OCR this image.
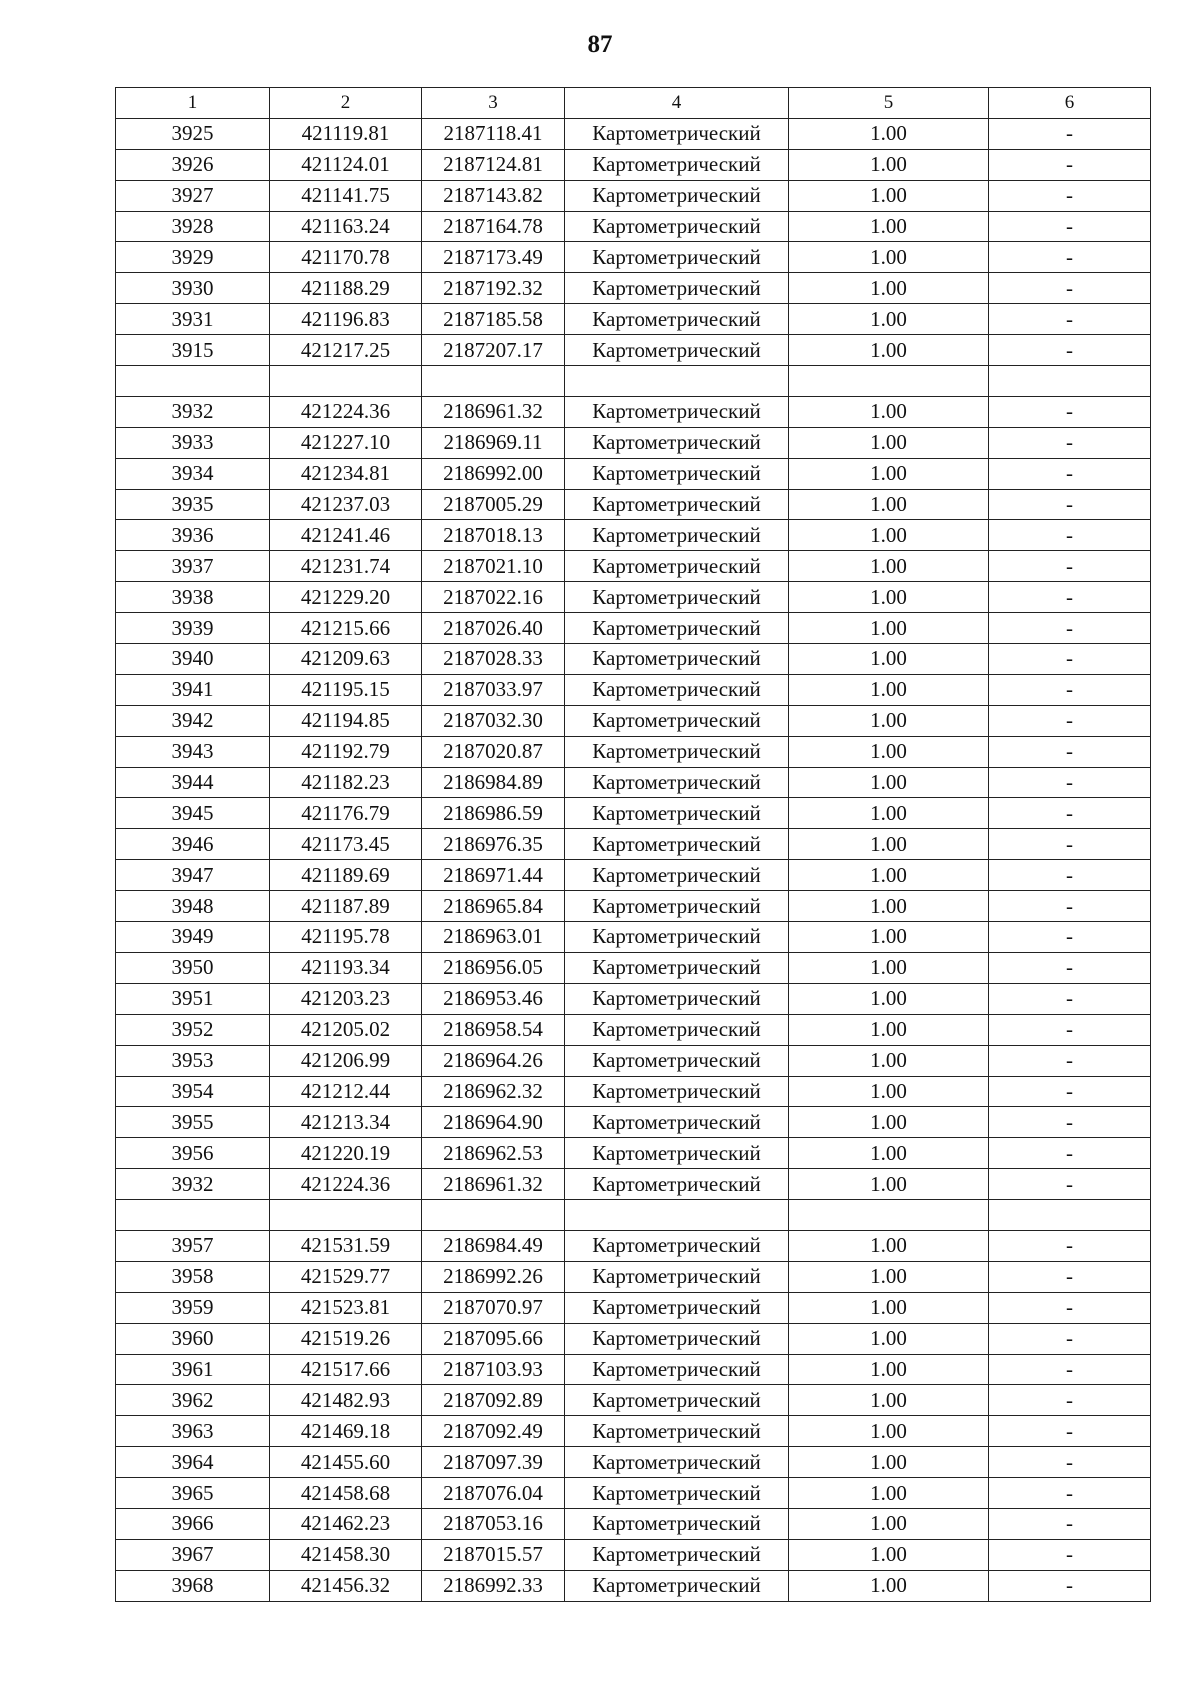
87
1	2	3	4	5	6
3925	421119.81	2187118.41	Картометрический	1.00	-
3926	421124.01	2187124.81	Картометрический	1.00	-
3927	421141.75	2187143.82	Картометрический	1.00	-
3928	421163.24	2187164.78	Картометрический	1.00	-
3929	421170.78	2187173.49	Картометрический	1.00	-
3930	421188.29	2187192.32	Картометрический	1.00	-
3931	421196.83	2187185.58	Картометрический	1.00	-
3915	421217.25	2187207.17	Картометрический	1.00	-

3932	421224.36	2186961.32	Картометрический	1.00	-
3933	421227.10	2186969.11	Картометрический	1.00	-
3934	421234.81	2186992.00	Картометрический	1.00	-
3935	421237.03	2187005.29	Картометрический	1.00	-
3936	421241.46	2187018.13	Картометрический	1.00	-
3937	421231.74	2187021.10	Картометрический	1.00	-
3938	421229.20	2187022.16	Картометрический	1.00	-
3939	421215.66	2187026.40	Картометрический	1.00	-
3940	421209.63	2187028.33	Картометрический	1.00	-
3941	421195.15	2187033.97	Картометрический	1.00	-
3942	421194.85	2187032.30	Картометрический	1.00	-
3943	421192.79	2187020.87	Картометрический	1.00	-
3944	421182.23	2186984.89	Картометрический	1.00	-
3945	421176.79	2186986.59	Картометрический	1.00	-
3946	421173.45	2186976.35	Картометрический	1.00	-
3947	421189.69	2186971.44	Картометрический	1.00	-
3948	421187.89	2186965.84	Картометрический	1.00	-
3949	421195.78	2186963.01	Картометрический	1.00	-
3950	421193.34	2186956.05	Картометрический	1.00	-
3951	421203.23	2186953.46	Картометрический	1.00	-
3952	421205.02	2186958.54	Картометрический	1.00	-
3953	421206.99	2186964.26	Картометрический	1.00	-
3954	421212.44	2186962.32	Картометрический	1.00	-
3955	421213.34	2186964.90	Картометрический	1.00	-
3956	421220.19	2186962.53	Картометрический	1.00	-
3932	421224.36	2186961.32	Картометрический	1.00	-

3957	421531.59	2186984.49	Картометрический	1.00	-
3958	421529.77	2186992.26	Картометрический	1.00	-
3959	421523.81	2187070.97	Картометрический	1.00	-
3960	421519.26	2187095.66	Картометрический	1.00	-
3961	421517.66	2187103.93	Картометрический	1.00	-
3962	421482.93	2187092.89	Картометрический	1.00	-
3963	421469.18	2187092.49	Картометрический	1.00	-
3964	421455.60	2187097.39	Картометрический	1.00	-
3965	421458.68	2187076.04	Картометрический	1.00	-
3966	421462.23	2187053.16	Картометрический	1.00	-
3967	421458.30	2187015.57	Картометрический	1.00	-
3968	421456.32	2186992.33	Картометрический	1.00	-
